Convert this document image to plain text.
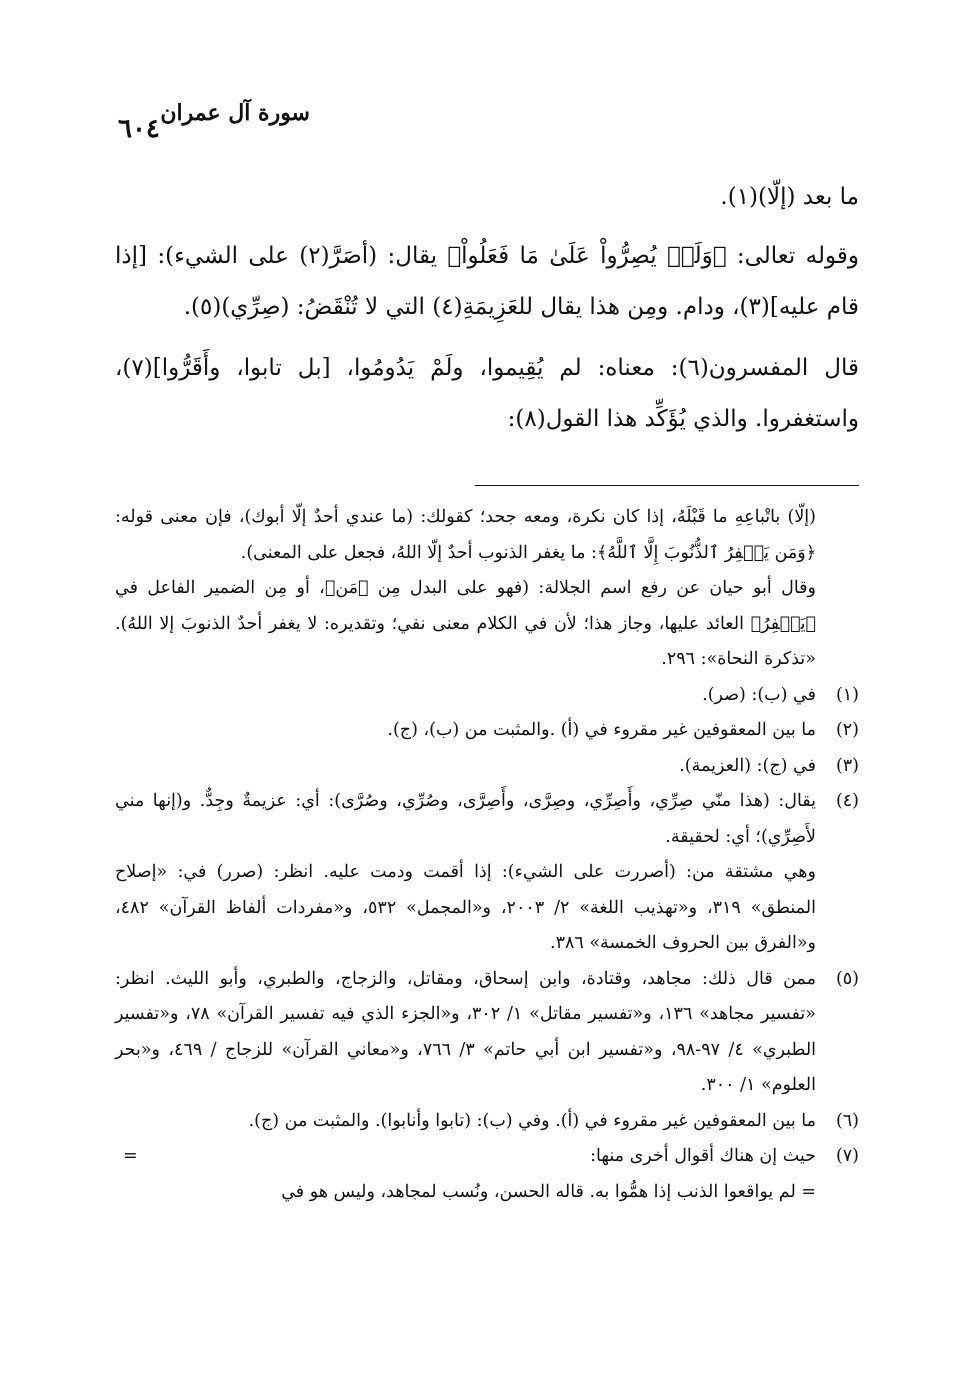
سورة آل عمران
٦٠٤

ما بعد (إلّا)(١).

وقوله تعالى: ﴿وَلَمۡ يُصِرُّواْ عَلَىٰ مَا فَعَلُواْ﴾ يقال: (أصَرَّ(٢) على الشيء): [إذا قام عليه](٣)، ودام. ومِن هذا يقال للعَزِيمَةِ(٤) التي لا تُنْقَضُ: (صِرِّي)(٥).

قال المفسرون(٦): معناه: لم يُقِيموا، ولَمْ يَدُومُوا، [بل تابوا، وأَقَرُّوا](٧)، واستغفروا. والذي يُؤَكِّد هذا القول(٨):

(إلّا) باتْباعِهِ ما قَبْلَهُ، إذا كان نكرة، ومعه جحد؛ كقولك: (ما عندي أحدٌ إلّا أبوك)، فإن معنى قوله: ﴿وَمَن يَغۡفِرُ ٱلذُّنُوبَ إِلَّا ٱللَّهُ﴾: ما يغفر الذنوب أحدٌ إلّا اللهُ، فجعل على المعنى).

وقال أبو حيان عن رفع اسم الجلالة: (فهو على البدل مِن ﴿مَن﴾، أو مِن الضمير الفاعل في ﴿يَغۡفِرُ﴾ العائد عليها، وجاز هذا؛ لأن في الكلام معنى نفي؛ وتقديره: لا يغفر أحدٌ الذنوبَ إلا اللهُ). «تذكرة النحاة»: ٢٩٦.

(١)
في (ب): (صر).
(٢)
ما بين المعقوفين غير مقروء في (أ) .والمثبت من (ب)، (ج).
(٣)
في (ج): (العزيمة).
(٤)
يقال: (هذا منّي صِرِّي، وأَصِرِّي، وصِرَّى، وأَصِرَّى، وصُرِّي، وصُرَّى): أي: عزيمةٌ وجِدٌّ. و(إنها مني لأَصِرِّي)؛ أي: لحقيقة.

وهي مشتقة من: (أصررت على الشيء): إذا أقمت ودمت عليه. انظر: (صرر) في: «إصلاح المنطق» ٣١٩، و«تهذيب اللغة» ٢/ ٢٠٠٣، و«المجمل» ٥٣٢، و«مفردات ألفاظ القرآن» ٤٨٢، و«الفرق بين الحروف الخمسة» ٣٨٦.

(٥)
ممن قال ذلك: مجاهد، وقتادة، وابن إسحاق، ومقاتل، والزجاج، والطبري، وأبو الليث. انظر: «تفسير مجاهد» ١٣٦، و«تفسير مقاتل» ١/ ٣٠٢، و«الجزء الذي فيه تفسير القرآن» ٧٨، و«تفسير الطبري» ٤/ ٩٧-٩٨، و«تفسير ابن أبي حاتم» ٣/ ٧٦٦، و«معاني القرآن» للزجاج / ٤٦٩، و«بحر العلوم» ١/ ٣٠٠.
(٦)
ما بين المعقوفين غير مقروء في (أ). وفي (ب): (تابوا وأنابوا). والمثبت من (ج).
(٧)
حيث إن هناك أقوال أخرى منها:
=

= لم يواقعوا الذنب إذا همُّوا به. قاله الحسن، ونُسب لمجاهد، وليس هو في
